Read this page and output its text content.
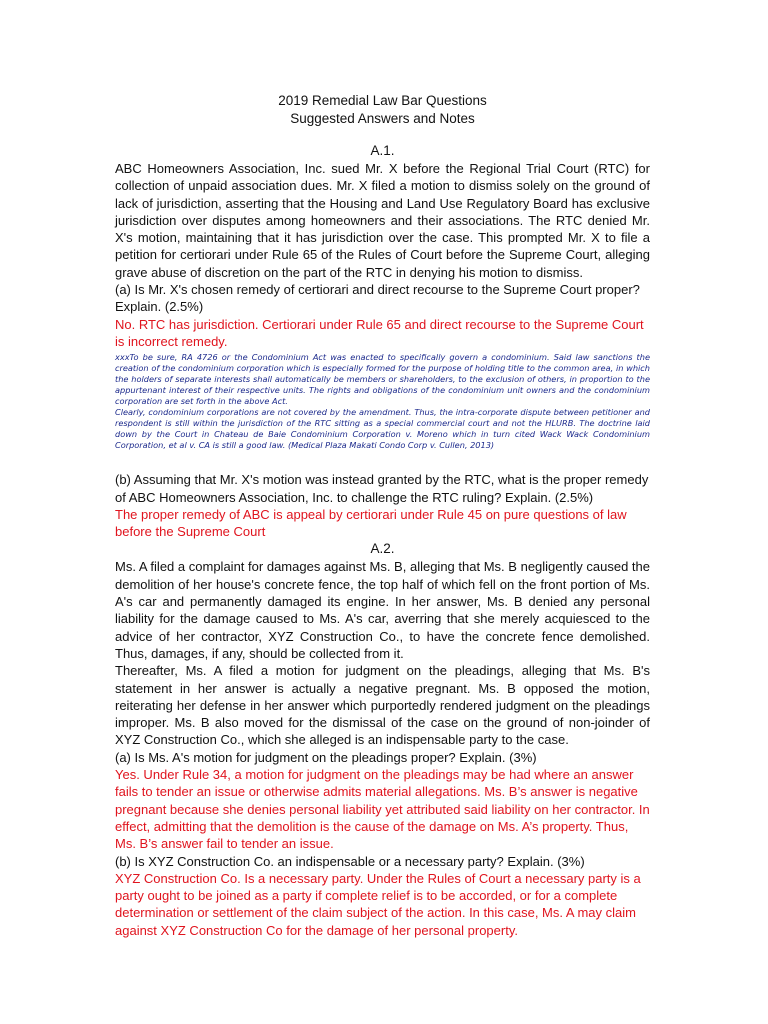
2019 Remedial Law Bar Questions

Suggested Answers and Notes

A.1.

ABC Homeowners Association, Inc. sued Mr. X before the Regional Trial Court (RTC) for collection of unpaid association dues. Mr. X filed a motion to dismiss solely on the ground of lack of jurisdiction, asserting that the Housing and Land Use Regulatory Board has exclusive jurisdiction over disputes among homeowners and their associations. The RTC denied Mr. X's motion, maintaining that it has jurisdiction over the case. This prompted Mr. X to file a petition for certiorari under Rule 65 of the Rules of Court before the Supreme Court, alleging grave abuse of discretion on the part of the RTC in denying his motion to dismiss.

(a) Is Mr. X's chosen remedy of certiorari and direct recourse to the Supreme Court proper? Explain. (2.5%)

No. RTC has jurisdiction. Certiorari under Rule 65 and direct recourse to the Supreme Court is incorrect remedy.

xxxTo be sure, RA 4726 or the Condominium Act was enacted to specifically govern a condominium. Said law sanctions the creation of the condominium corporation which is especially formed for the purpose of holding title to the common area, in which the holders of separate interests shall automatically be members or shareholders, to the exclusion of others, in proportion to the appurtenant interest of their respective units. The rights and obligations of the condominium unit owners and the condominium corporation are set forth in the above Act.

Clearly, condominium corporations are not covered by the amendment. Thus, the intra-corporate dispute between petitioner and respondent is still within the jurisdiction of the RTC sitting as a special commercial court and not the HLURB. The doctrine laid down by the Court in Chateau de Baie Condominium Corporation v. Moreno which in turn cited Wack Wack Condominium Corporation, et al v. CA is still a good law. (Medical Plaza Makati Condo Corp v. Cullen, 2013)

(b) Assuming that Mr. X's motion was instead granted by the RTC, what is the proper remedy of ABC Homeowners Association, Inc. to challenge the RTC ruling? Explain. (2.5%)

The proper remedy of ABC is appeal by certiorari under Rule 45 on pure questions of law before the Supreme Court

A.2.

Ms. A filed a complaint for damages against Ms. B, alleging that Ms. B negligently caused the demolition of her house's concrete fence, the top half of which fell on the front portion of Ms. A's car and permanently damaged its engine. In her answer, Ms. B denied any personal liability for the damage caused to Ms. A's car, averring that she merely acquiesced to the advice of her contractor, XYZ Construction Co., to have the concrete fence demolished. Thus, damages, if any, should be collected from it.

Thereafter, Ms. A filed a motion for judgment on the pleadings, alleging that Ms. B's statement in her answer is actually a negative pregnant. Ms. B opposed the motion, reiterating her defense in her answer which purportedly rendered judgment on the pleadings improper. Ms. B also moved for the dismissal of the case on the ground of non-joinder of XYZ Construction Co., which she alleged is an indispensable party to the case.

(a) Is Ms. A's motion for judgment on the pleadings proper? Explain. (3%)

Yes. Under Rule 34, a motion for judgment on the pleadings may be had where an answer fails to tender an issue or otherwise admits material allegations. Ms. B’s answer is negative pregnant because she denies personal liability yet attributed said liability on her contractor. In effect, admitting that the demolition is the cause of the damage on Ms. A’s property. Thus, Ms. B’s answer fail to tender an issue.

(b) Is XYZ Construction Co. an indispensable or a necessary party? Explain. (3%)

XYZ Construction Co. Is a necessary party. Under the Rules of Court a necessary party is a party ought to be joined as a party if complete relief is to be accorded, or for a complete determination or settlement of the claim subject of the action. In this case, Ms. A may claim against XYZ Construction Co for the damage of her personal property.
